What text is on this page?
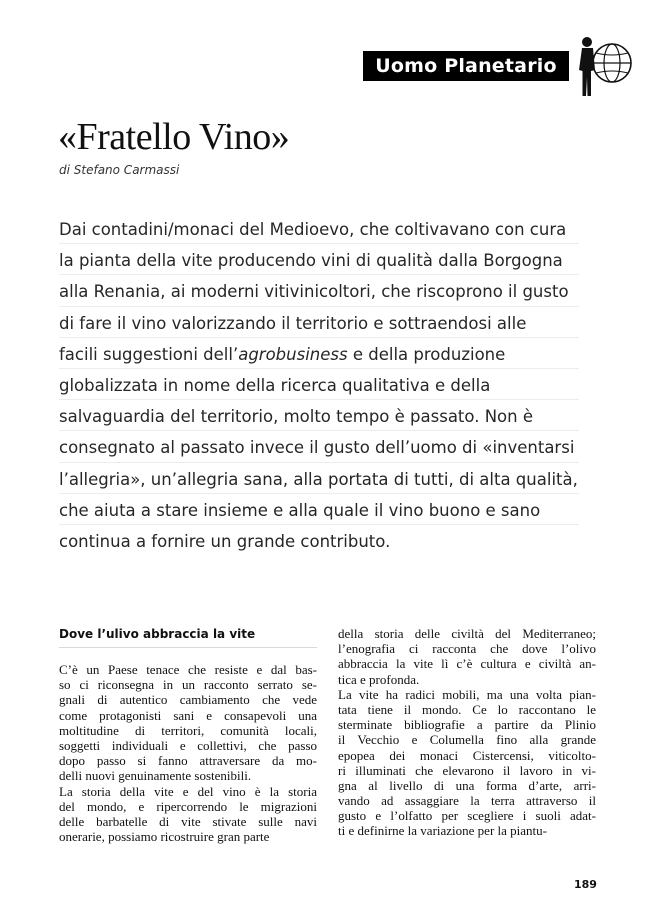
Uomo Planetario
«Fratello Vino»
di Stefano Carmassi
Dai contadini/monaci del Medioevo, che coltivavano con cura
la pianta della vite producendo vini di qualità dalla Borgogna
alla Renania, ai moderni vitivinicoltori, che riscoprono il gusto
di fare il vino valorizzando il territorio e sottraendosi alle
facili suggestioni dell’agrobusiness e della produzione
globalizzata in nome della ricerca qualitativa e della
salvaguardia del territorio, molto tempo è passato. Non è
consegnato al passato invece il gusto dell’uomo di «inventarsi
l’allegria», un’allegria sana, alla portata di tutti, di alta qualità,
che aiuta a stare insieme e alla quale il vino buono e sano
continua a fornire un grande contributo.
Dove l’ulivo abbraccia la vite
C’è un Paese tenace che resiste e dal bas-
so ci riconsegna in un racconto serrato se-
gnali di autentico cambiamento che vede
come protagonisti sani e consapevoli una
moltitudine di territori, comunità locali,
soggetti individuali e collettivi, che passo
dopo passo si fanno attraversare da mo-
delli nuovi genuinamente sostenibili.
La storia della vite e del vino è la storia
del mondo, e ripercorrendo le migrazioni
delle barbatelle di vite stivate sulle navi
onerarie, possiamo ricostruire gran parte
della storia delle civiltà del Mediterraneo;
l’enografia ci racconta che dove l’olivo
abbraccia la vite lì c’è cultura e civiltà an-
tica e profonda.
La vite ha radici mobili, ma una volta pian-
tata tiene il mondo. Ce lo raccontano le
sterminate bibliografie a partire da Plinio
il Vecchio e Columella fino alla grande
epopea dei monaci Cistercensi, viticolto-
ri illuminati che elevarono il lavoro in vi-
gna al livello di una forma d’arte, arri-
vando ad assaggiare la terra attraverso il
gusto e l’olfatto per scegliere i suoli adat-
ti e definirne la variazione per la piantu-
189
